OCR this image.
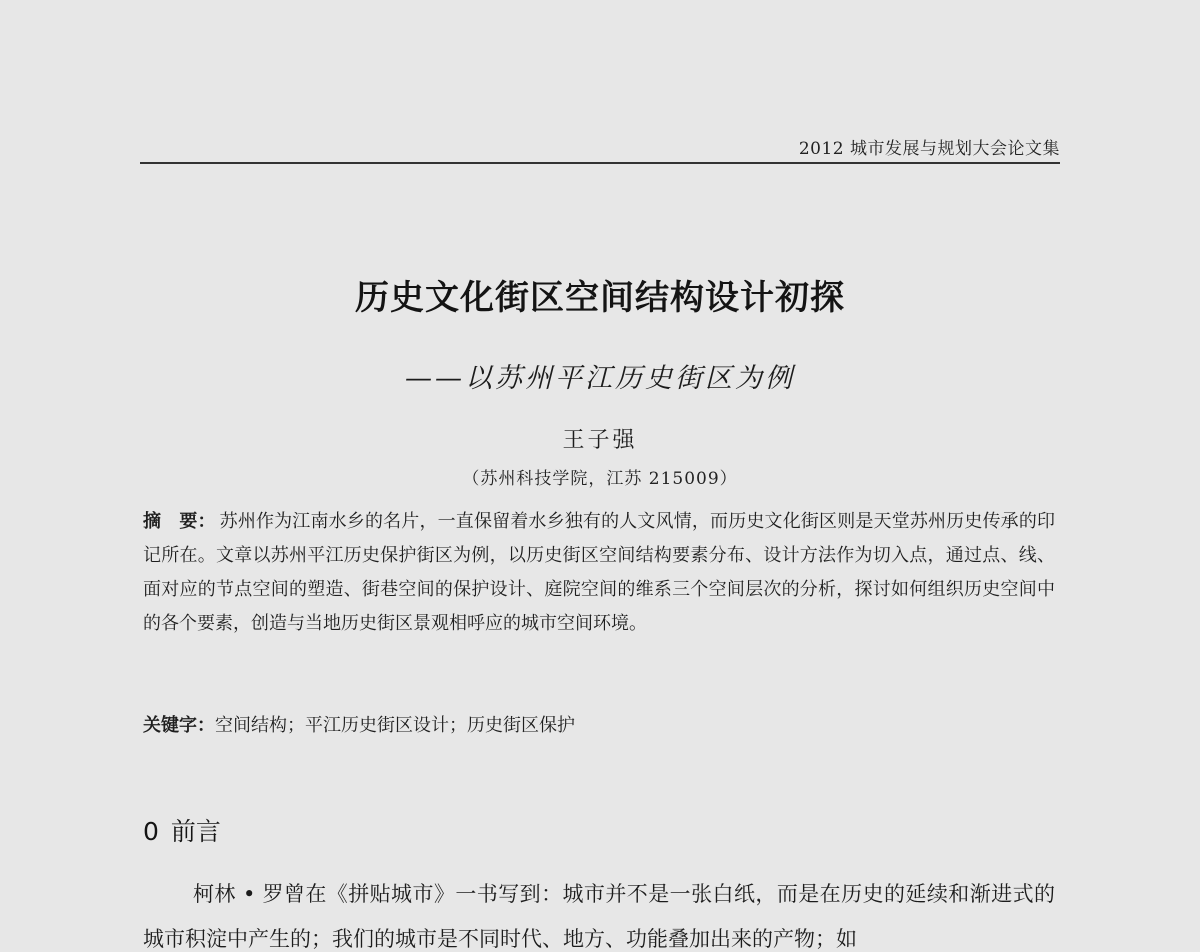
2012 城市发展与规划大会论文集
历史文化街区空间结构设计初探
——以苏州平江历史街区为例
王子强
（苏州科技学院，江苏 215009）
摘　要： 苏州作为江南水乡的名片，一直保留着水乡独有的人文风情，而历史文化街区则是天堂苏州历史传承的印记所在。文章以苏州平江历史保护街区为例，以历史街区空间结构要素分布、设计方法作为切入点，通过点、线、面对应的节点空间的塑造、街巷空间的保护设计、庭院空间的维系三个空间层次的分析，探讨如何组织历史空间中的各个要素，创造与当地历史街区景观相呼应的城市空间环境。
关键字：空间结构；平江历史街区设计；历史街区保护
0 前言
柯林 • 罗曾在《拼贴城市》一书写到：城市并不是一张白纸，而是在历史的延续和渐进式的城市积淀中产生的；我们的城市是不同时代、地方、功能叠加出来的产物；如
